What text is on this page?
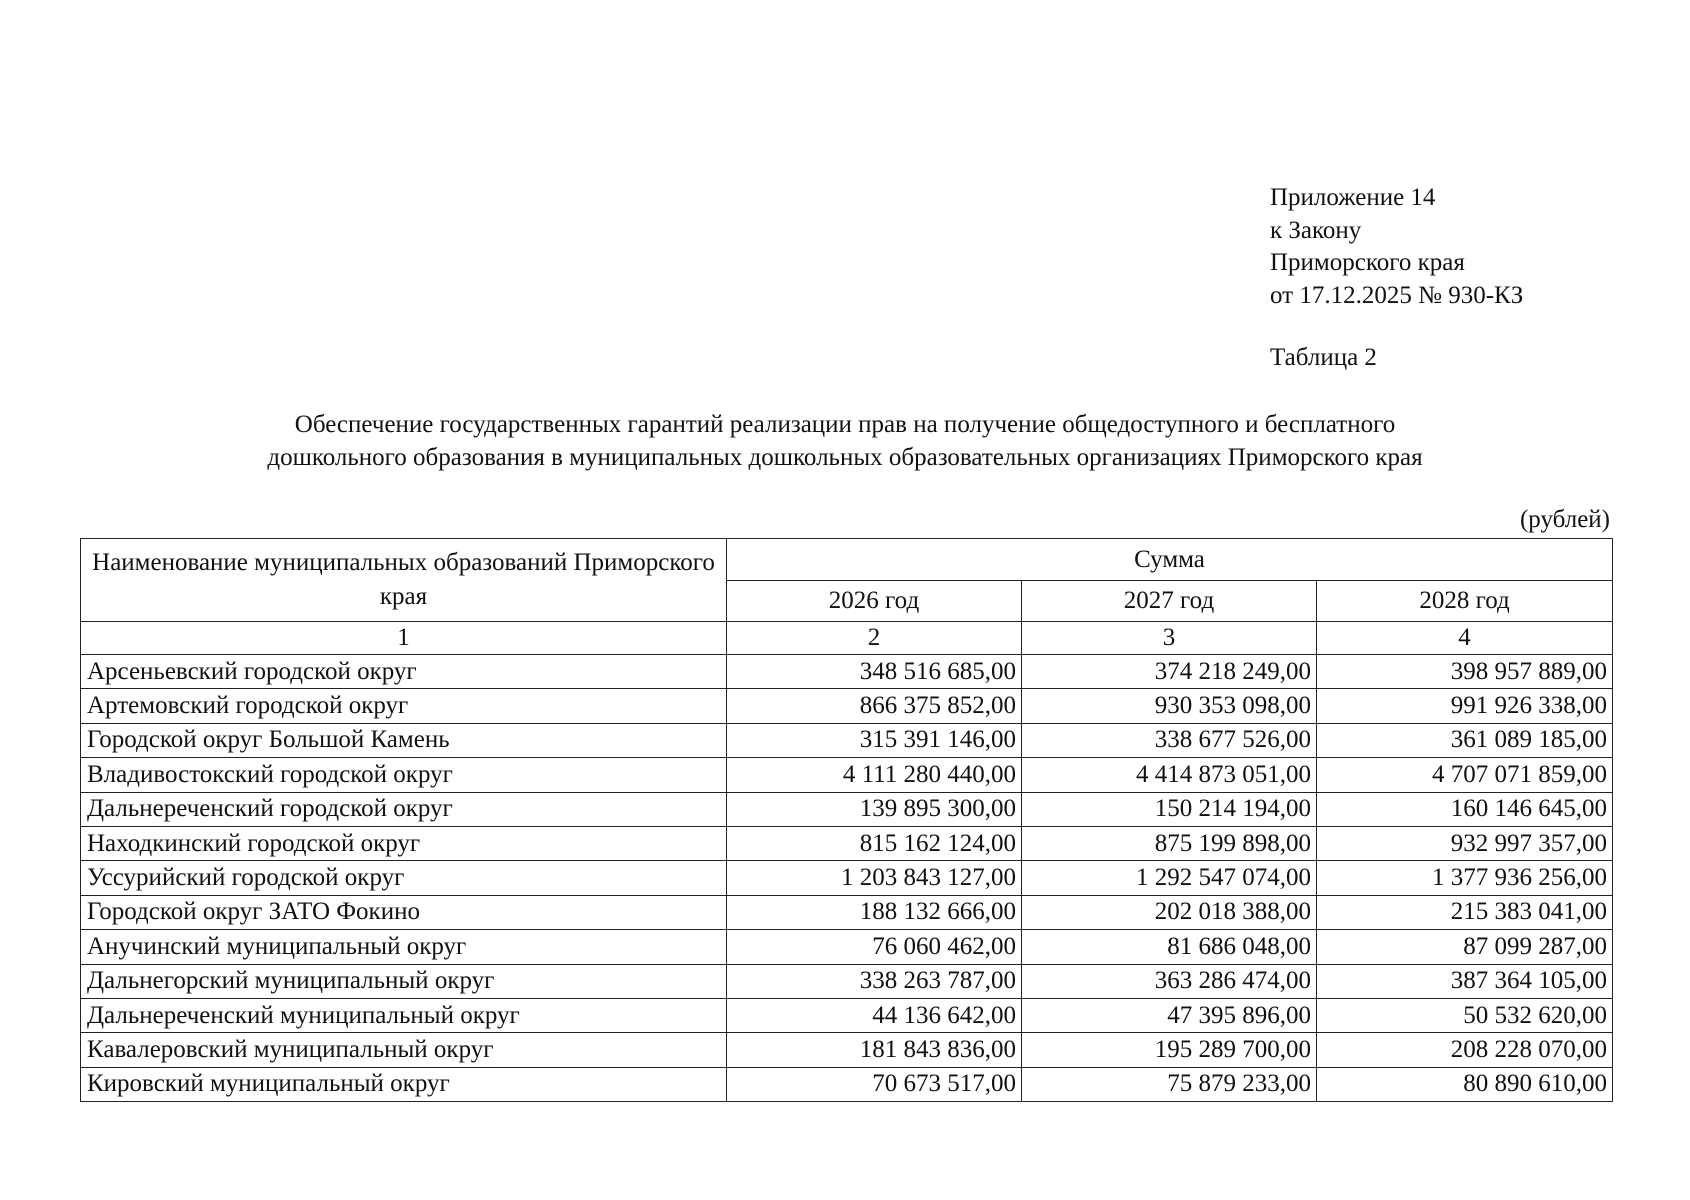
Приложение 14
к Закону
Приморского края
от 17.12.2025 № 930-КЗ
Таблица 2
Обеспечение государственных гарантий реализации прав на получение общедоступного и бесплатного
дошкольного образования в муниципальных дошкольных образовательных организациях Приморского края
(рублей)
Наименование муниципальных образований Приморского края	Сумма		
	2026 год	2027 год	2028 год
1	2	3	4
Арсеньевский городской округ	348 516 685,00	374 218 249,00	398 957 889,00
Артемовский городской округ	866 375 852,00	930 353 098,00	991 926 338,00
Городской округ Большой Камень	315 391 146,00	338 677 526,00	361 089 185,00
Владивостокский городской округ	4 111 280 440,00	4 414 873 051,00	4 707 071 859,00
Дальнереченский городской округ	139 895 300,00	150 214 194,00	160 146 645,00
Находкинский городской округ	815 162 124,00	875 199 898,00	932 997 357,00
Уссурийский городской округ	1 203 843 127,00	1 292 547 074,00	1 377 936 256,00
Городской округ ЗАТО Фокино	188 132 666,00	202 018 388,00	215 383 041,00
Анучинский муниципальный округ	76 060 462,00	81 686 048,00	87 099 287,00
Дальнегорский муниципальный округ	338 263 787,00	363 286 474,00	387 364 105,00
Дальнереченский муниципальный округ	44 136 642,00	47 395 896,00	50 532 620,00
Кавалеровский муниципальный округ	181 843 836,00	195 289 700,00	208 228 070,00
Кировский муниципальный округ	70 673 517,00	75 879 233,00	80 890 610,00
